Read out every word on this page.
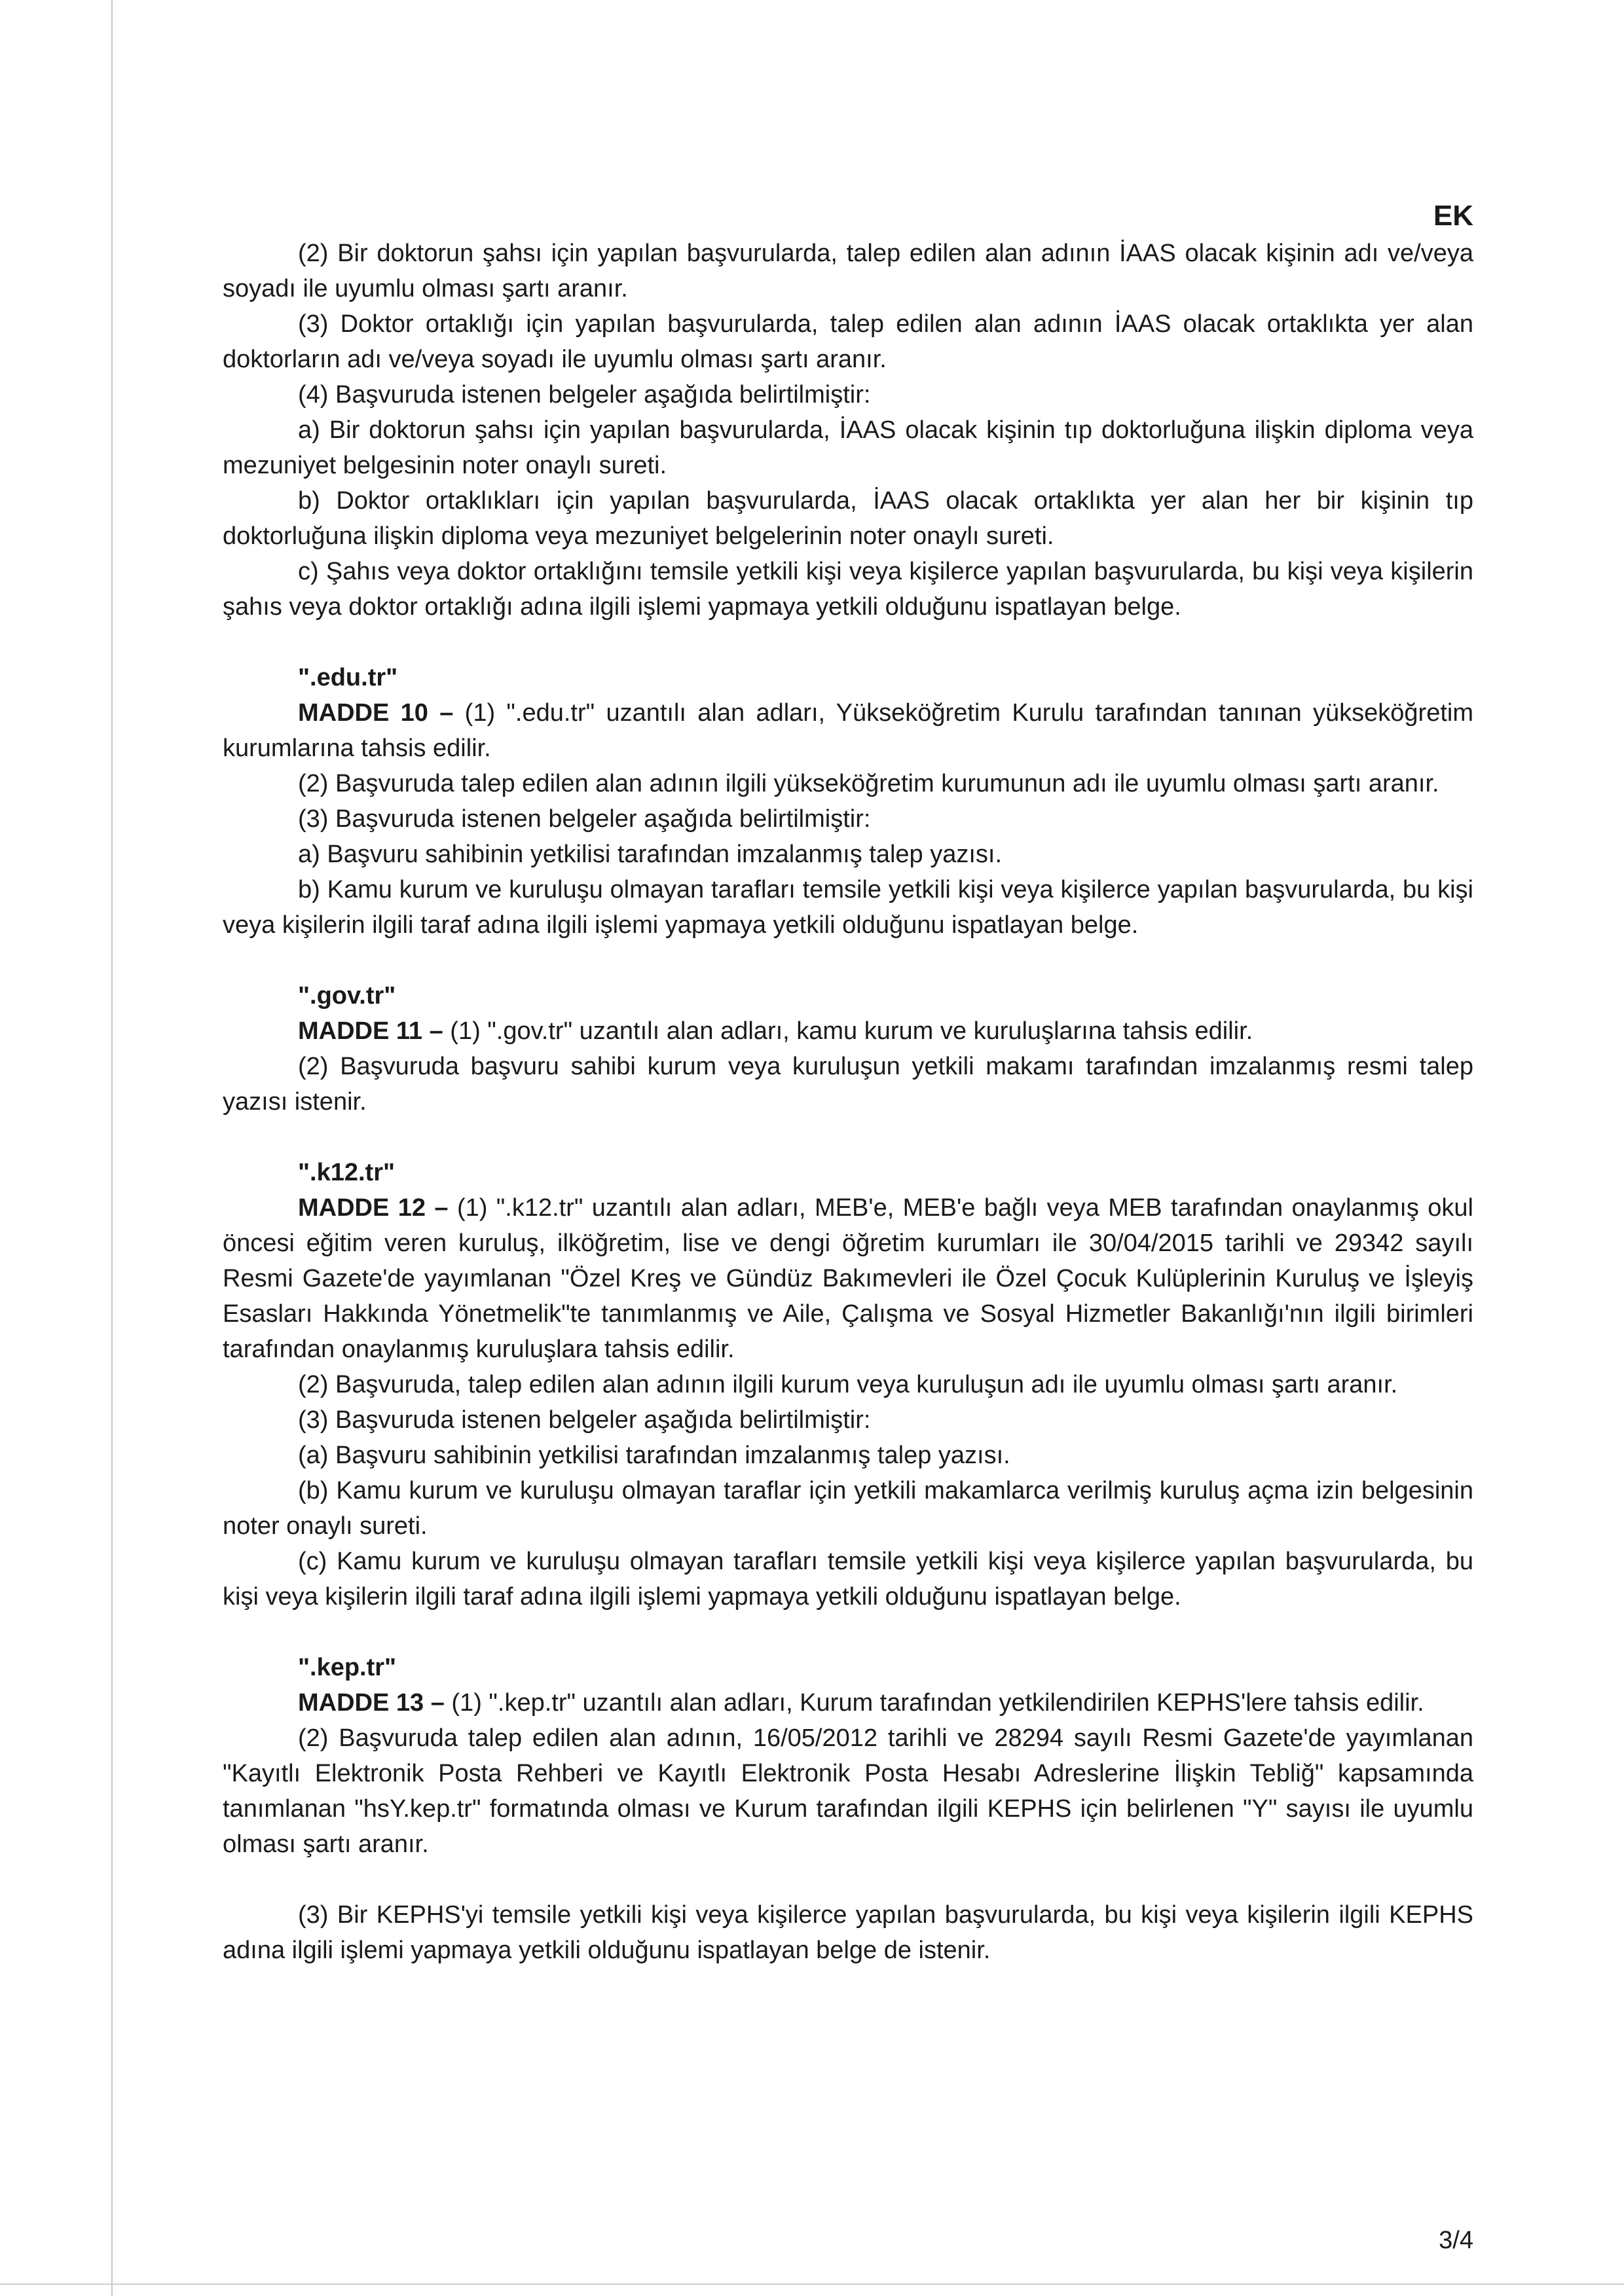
EK

(2) Bir doktorun şahsı için yapılan başvurularda, talep edilen alan adının İAAS olacak kişinin adı ve/veya soyadı ile uyumlu olması şartı aranır.

(3) Doktor ortaklığı için yapılan başvurularda, talep edilen alan adının İAAS olacak ortaklıkta yer alan doktorların adı ve/veya soyadı ile uyumlu olması şartı aranır.

(4) Başvuruda istenen belgeler aşağıda belirtilmiştir:

a) Bir doktorun şahsı için yapılan başvurularda, İAAS olacak kişinin tıp doktorluğuna ilişkin diploma veya mezuniyet belgesinin noter onaylı sureti.

b) Doktor ortaklıkları için yapılan başvurularda, İAAS olacak ortaklıkta yer alan her bir kişinin tıp doktorluğuna ilişkin diploma veya mezuniyet belgelerinin noter onaylı sureti.

c) Şahıs veya doktor ortaklığını temsile yetkili kişi veya kişilerce yapılan başvurularda, bu kişi veya kişilerin şahıs veya doktor ortaklığı adına ilgili işlemi yapmaya yetkili olduğunu ispatlayan belge.

".edu.tr"

MADDE 10 – (1) ".edu.tr" uzantılı alan adları, Yükseköğretim Kurulu tarafından tanınan yükseköğretim kurumlarına tahsis edilir.

(2) Başvuruda talep edilen alan adının ilgili yükseköğretim kurumunun adı ile uyumlu olması şartı aranır.

(3) Başvuruda istenen belgeler aşağıda belirtilmiştir:

a) Başvuru sahibinin yetkilisi tarafından imzalanmış talep yazısı.

b) Kamu kurum ve kuruluşu olmayan tarafları temsile yetkili kişi veya kişilerce yapılan başvurularda, bu kişi veya kişilerin ilgili taraf adına ilgili işlemi yapmaya yetkili olduğunu ispatlayan belge.

".gov.tr"

MADDE 11 – (1) ".gov.tr" uzantılı alan adları, kamu kurum ve kuruluşlarına tahsis edilir.

(2) Başvuruda başvuru sahibi kurum veya kuruluşun yetkili makamı tarafından imzalanmış resmi talep yazısı istenir.

".k12.tr"

MADDE 12 – (1) ".k12.tr" uzantılı alan adları, MEB'e, MEB'e bağlı veya MEB tarafından onaylanmış okul öncesi eğitim veren kuruluş, ilköğretim, lise ve dengi öğretim kurumları ile 30/04/2015 tarihli ve 29342 sayılı Resmi Gazete'de yayımlanan "Özel Kreş ve Gündüz Bakımevleri ile Özel Çocuk Kulüplerinin Kuruluş ve İşleyiş Esasları Hakkında Yönetmelik"te tanımlanmış ve Aile, Çalışma ve Sosyal Hizmetler Bakanlığı'nın ilgili birimleri tarafından onaylanmış kuruluşlara tahsis edilir.

(2) Başvuruda, talep edilen alan adının ilgili kurum veya kuruluşun adı ile uyumlu olması şartı aranır.

(3) Başvuruda istenen belgeler aşağıda belirtilmiştir:

(a) Başvuru sahibinin yetkilisi tarafından imzalanmış talep yazısı.

(b) Kamu kurum ve kuruluşu olmayan taraflar için yetkili makamlarca verilmiş kuruluş açma izin belgesinin noter onaylı sureti.

(c) Kamu kurum ve kuruluşu olmayan tarafları temsile yetkili kişi veya kişilerce yapılan başvurularda, bu kişi veya kişilerin ilgili taraf adına ilgili işlemi yapmaya yetkili olduğunu ispatlayan belge.

".kep.tr"

MADDE 13 – (1) ".kep.tr" uzantılı alan adları, Kurum tarafından yetkilendirilen KEPHS'lere tahsis edilir.

(2) Başvuruda talep edilen alan adının, 16/05/2012 tarihli ve 28294 sayılı Resmi Gazete'de yayımlanan "Kayıtlı Elektronik Posta Rehberi ve Kayıtlı Elektronik Posta Hesabı Adreslerine İlişkin Tebliğ" kapsamında tanımlanan "hsY.kep.tr" formatında olması ve Kurum tarafından ilgili KEPHS için belirlenen "Y" sayısı ile uyumlu olması şartı aranır.

(3) Bir KEPHS'yi temsile yetkili kişi veya kişilerce yapılan başvurularda, bu kişi veya kişilerin ilgili KEPHS adına ilgili işlemi yapmaya yetkili olduğunu ispatlayan belge de istenir.

3/4
